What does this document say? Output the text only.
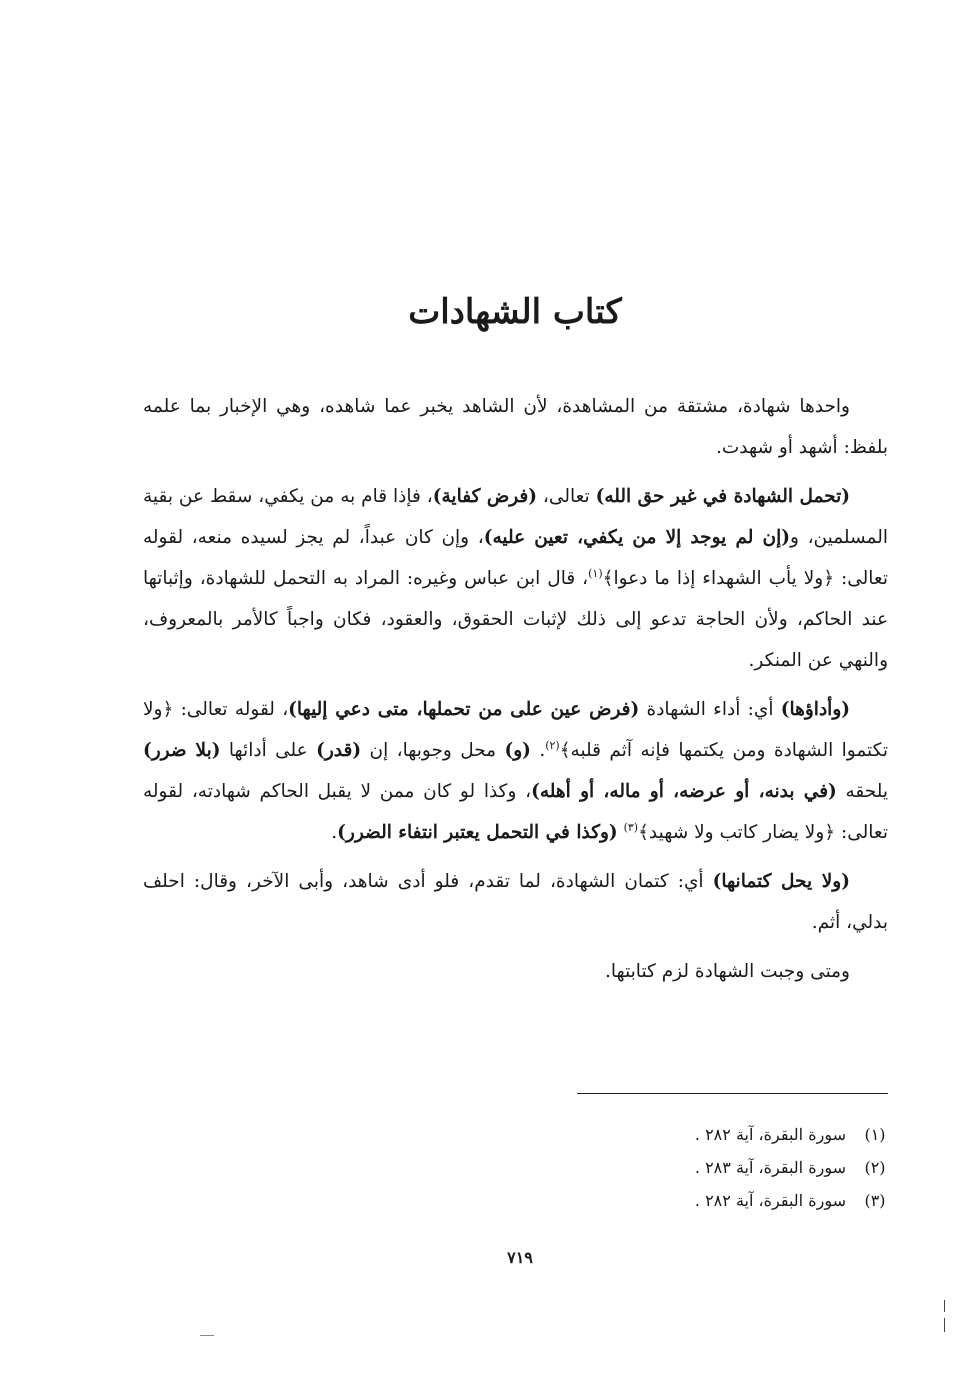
كتاب الشهادات

واحدها شهادة، مشتقة من المشاهدة، لأن الشاهد يخبر عما شاهده، وهي الإخبار بما علمه بلفظ: أشهد أو شهدت.

(تحمل الشهادة في غير حق الله) تعالى، (فرض كفاية)، فإذا قام به من يكفي، سقط عن بقية المسلمين، و(إن لم يوجد إلا من يكفي، تعين عليه)، وإن كان عبداً، لم يجز لسيده منعه، لقوله تعالى: ﴿ولا يأب الشهداء إذا ما دعوا﴾$^{(١)}$، قال ابن عباس وغيره: المراد به التحمل للشهادة، وإثباتها عند الحاكم، ولأن الحاجة تدعو إلى ذلك لإثبات الحقوق، والعقود، فكان واجباً كالأمر بالمعروف، والنهي عن المنكر.

(وأداؤها) أي: أداء الشهادة (فرض عين على من تحملها، متى دعي إليها)، لقوله تعالى: ﴿ولا تكتموا الشهادة ومن يكتمها فإنه آثم قلبه﴾$^{(٢)}$. (و) محل وجوبها، إن (قدر) على أدائها (بلا ضرر) يلحقه (في بدنه، أو عرضه، أو ماله، أو أهله)، وكذا لو كان ممن لا يقبل الحاكم شهادته، لقوله تعالى: ﴿ولا يضار كاتب ولا شهيد﴾$^{(٣)}$ (وكذا في التحمل يعتبر انتفاء الضرر).

(ولا يحل كتمانها) أي: كتمان الشهادة، لما تقدم، فلو أدى شاهد، وأبى الآخر، وقال: احلف بدلي، أثم.

ومتى وجبت الشهادة لزم كتابتها.

(١)
سورة البقرة، آية ٢٨٢ .
(٢)
سورة البقرة، آية ٢٨٣ .
(٣)
سورة البقرة، آية ٢٨٢ .
٧١٩
